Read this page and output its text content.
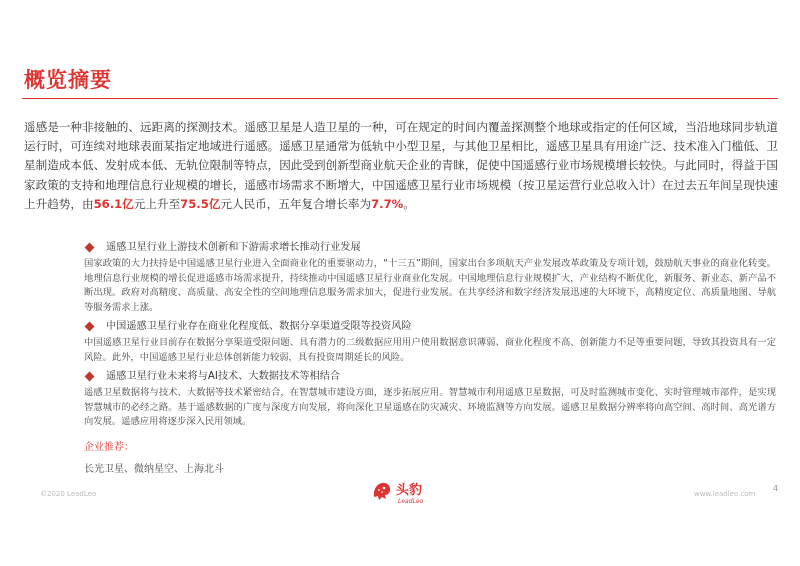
概览摘要
遥感是一种非接触的、远距离的探测技术。遥感卫星是人造卫星的一种，可在规定的时间内覆盖探测整个地球或指定的任何区域，当沿地球同步轨道运行时，可连续对地球表面某指定地域进行遥感。遥感卫星通常为低轨中小型卫星，与其他卫星相比，遥感卫星具有用途广泛、技术准入门槛低、卫星制造成本低、发射成本低、无轨位限制等特点，因此受到创新型商业航天企业的青睐，促使中国遥感行业市场规模增长较快。与此同时，得益于国家政策的支持和地理信息行业规模的增长，遥感市场需求不断增大，中国遥感卫星行业市场规模（按卫星运营行业总收入计）在过去五年间呈现快速上升趋势，由56.1亿元上升至75.5亿元人民币，五年复合增长率为7.7%。
遥感卫星行业上游技术创新和下游需求增长推动行业发展
国家政策的大力扶持是中国遥感卫星行业进入全面商业化的重要驱动力，“十三五”期间，国家出台多项航天产业发展改革政策及专项计划，鼓励航天事业的商业化转变。地理信息行业规模的增长促进遥感市场需求提升，持续推动中国遥感卫星行业商业化发展。中国地理信息行业规模扩大，产业结构不断优化，新服务、新业态、新产品不断出现。政府对高精度、高质量、高安全性的空间地理信息服务需求加大，促进行业发展。在共享经济和数字经济发展迅速的大环境下，高精度定位、高质量地图、导航等服务需求上涨。
中国遥感卫星行业存在商业化程度低、数据分享渠道受限等投资风险
中国遥感卫星行业目前存在数据分享渠道受限问题、具有潜力的二级数据应用用户使用数据意识薄弱、商业化程度不高、创新能力不足等重要问题，导致其投资具有一定风险。此外，中国遥感卫星行业总体创新能力较弱，具有投资周期延长的风险。
遥感卫星行业未来将与AI技术、大数据技术等相结合
遥感卫星数据将与技术、大数据等技术紧密结合，在智慧城市建设方面，逐步拓展应用。智慧城市利用遥感卫星数据，可及时监测城市变化、实时管理城市部件，是实现智慧城市的必经之路。基于遥感数据的广度与深度方向发展，将向深化卫星遥感在防灾减灾、环境监测等方向发展。遥感卫星数据分辨率将向高空间、高时间、高光谱方向发展。遥感应用将逐步深入民用领域。
企业推荐：
长光卫星、微纳星空、上海北斗
©2020 LeadLeo	头豹
LeadLeo
www.leadleo.com
4
